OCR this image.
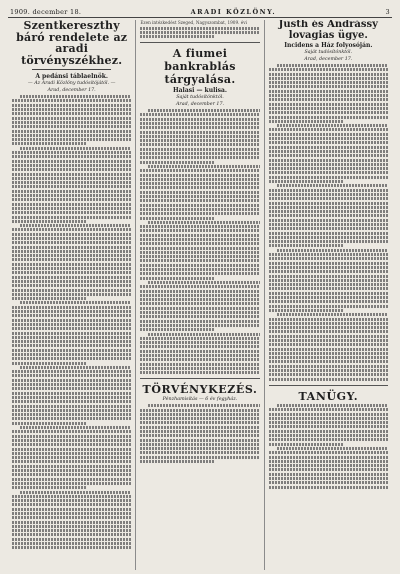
1909. december 18.	ARADI KÖZLÖNY.	3
Szentkereszthy báró rendelete az aradi törvényszékhez.
A pedánsi táblaelnök.
— Az Aradi Közlöny tudósítójától. —
Arad, december 17.
Ezen intézkedést Szeged, Nagyszombat, 1909. évi
A fiumei bankrablás tárgyalása.
Halasi — kulisa.
Saját tudósítónktól.
Arad, december 17.
TÖRVÉNYKEZÉS.
Pénzhamisítás — 6 év fegyház.
Justh és Andrássy
lovagias ügye.
Incidens a Ház folyosóján.
Saját tudósítónktól.
Arad, december 17.
TANÜGY.
